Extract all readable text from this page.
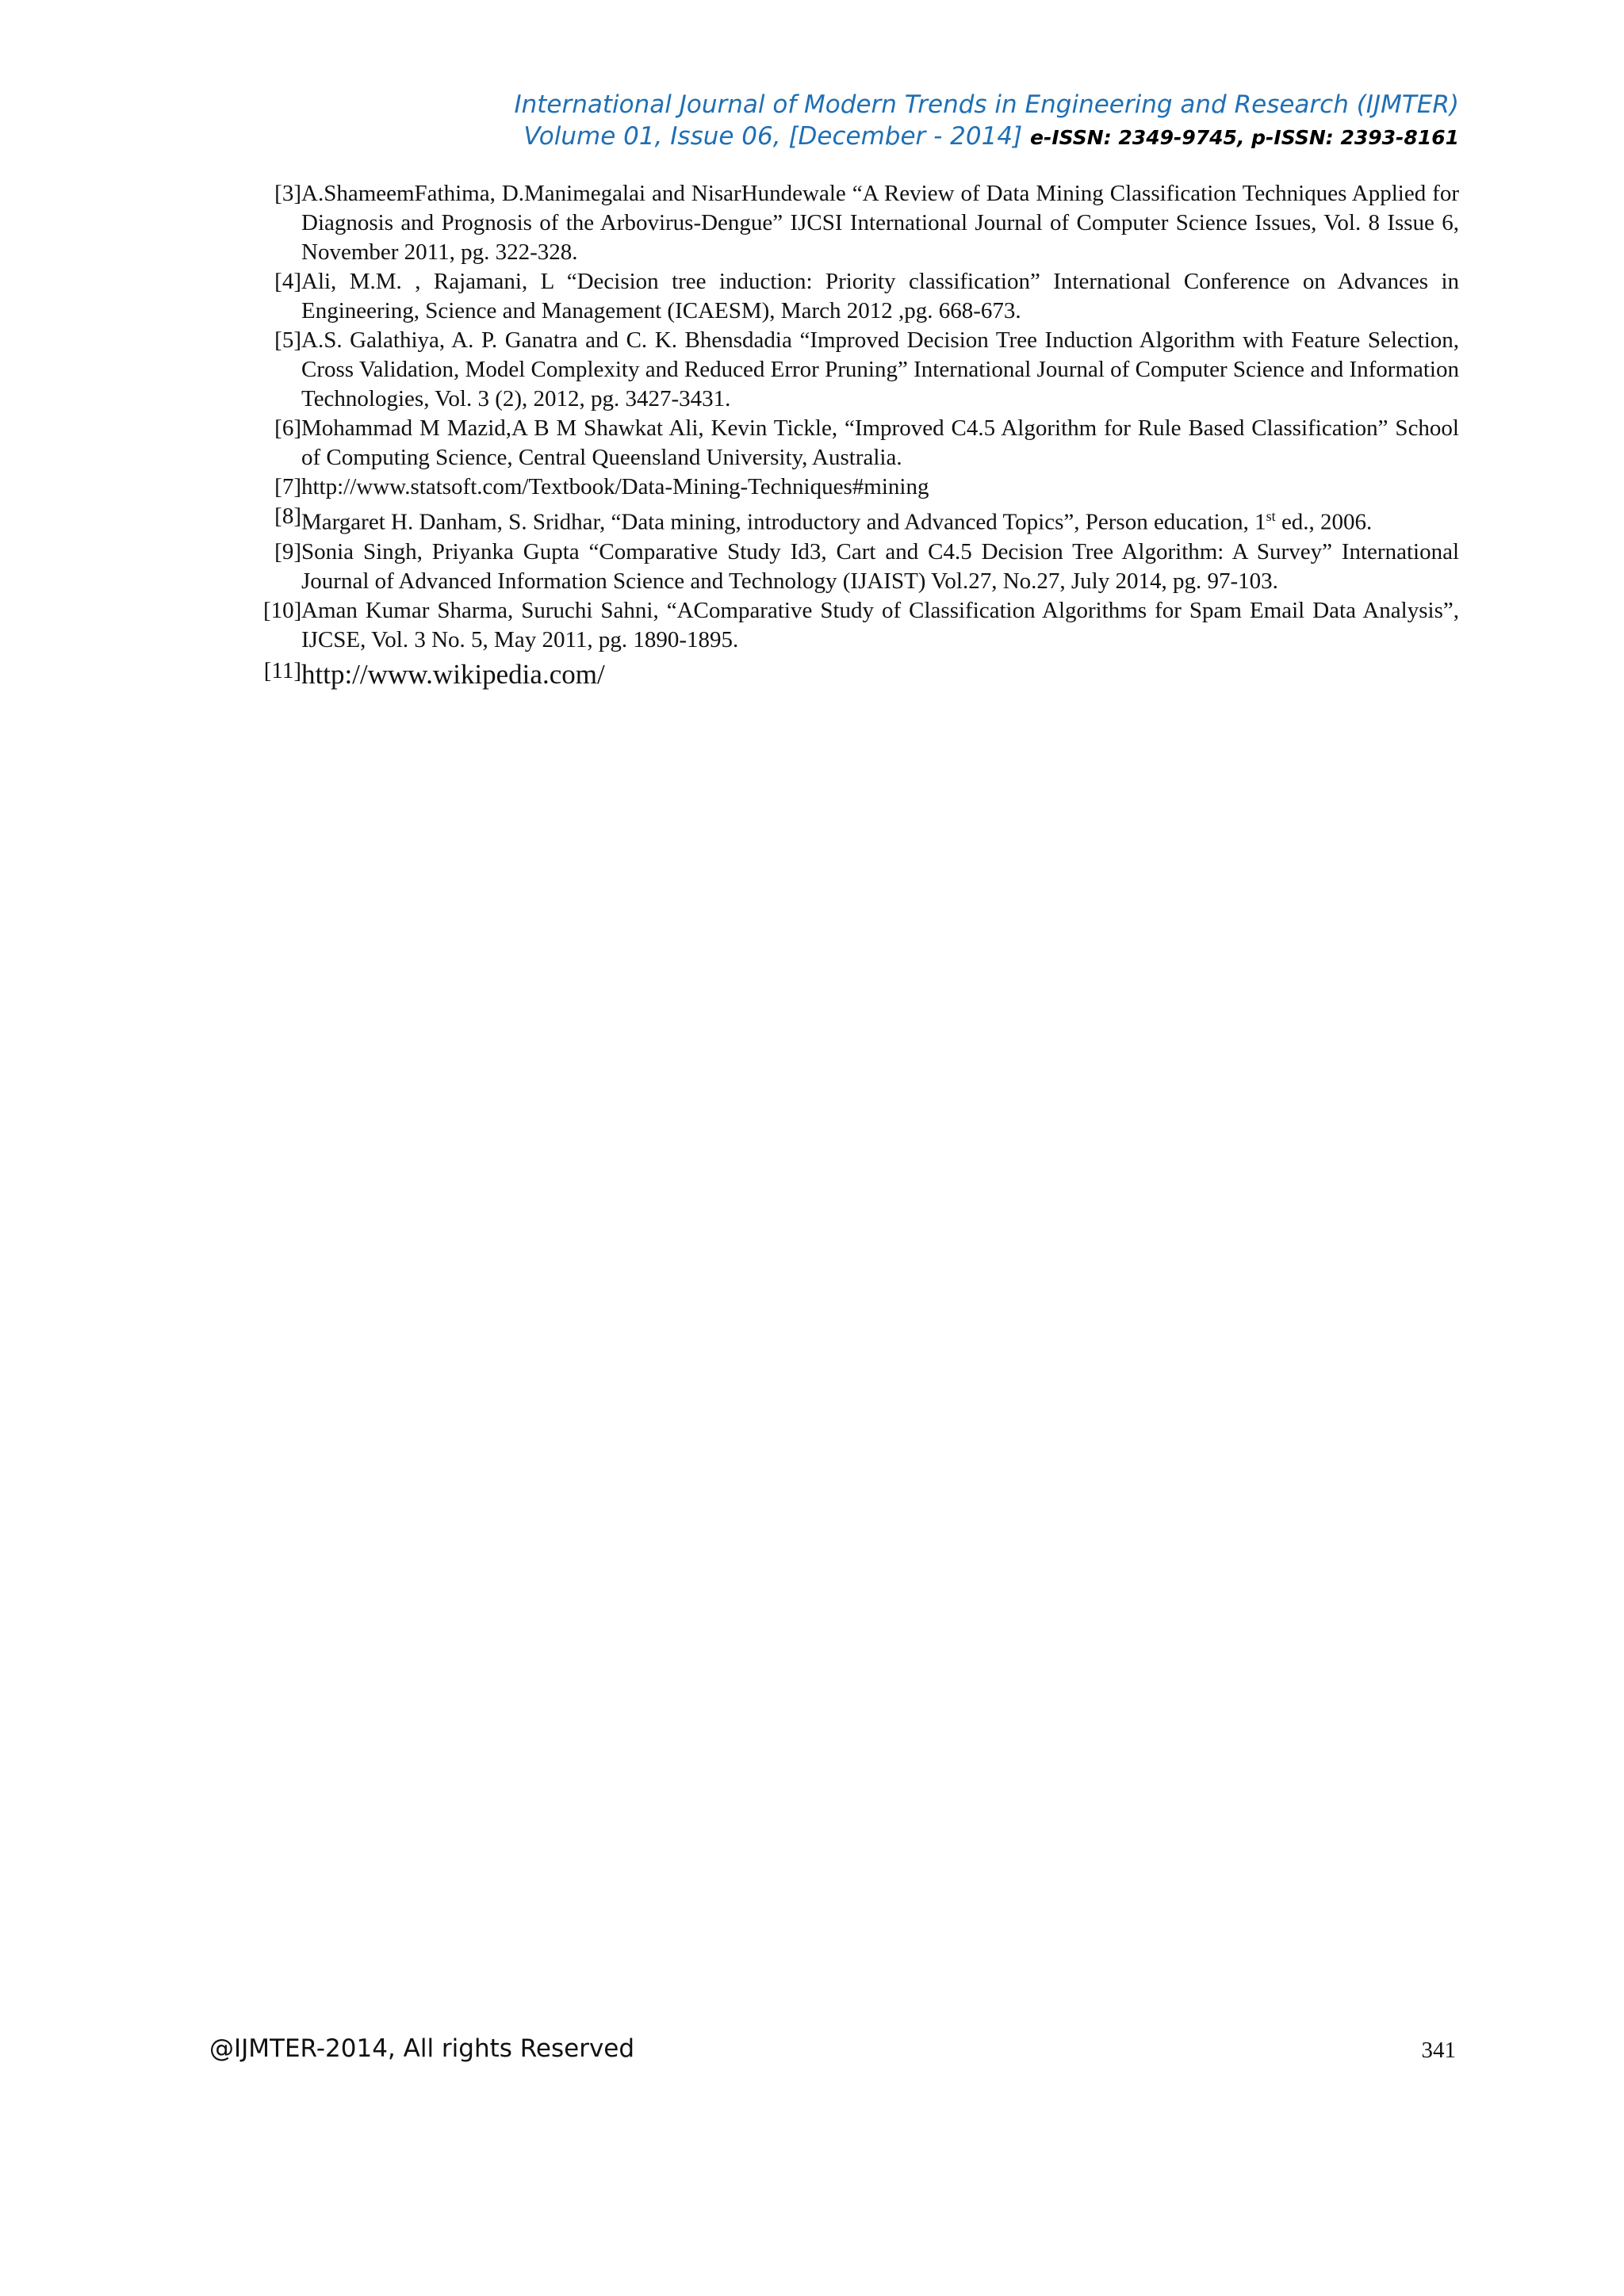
International Journal of Modern Trends in Engineering and Research (IJMTER)
Volume 01, Issue 06, [December - 2014] e-ISSN: 2349-9745, p-ISSN: 2393-8161
[3] A.ShameemFathima, D.Manimegalai and NisarHundewale “A Review of Data Mining Classification Techniques Applied for Diagnosis and Prognosis of the Arbovirus-Dengue” IJCSI International Journal of Computer Science Issues, Vol. 8 Issue 6, November 2011, pg. 322-328.
[4] Ali, M.M. , Rajamani, L “Decision tree induction: Priority classification” International Conference on Advances in Engineering, Science and Management (ICAESM), March 2012 ,pg. 668-673.
[5] A.S. Galathiya, A. P. Ganatra and C. K. Bhensdadia “Improved Decision Tree Induction Algorithm with Feature Selection, Cross Validation, Model Complexity and Reduced Error Pruning” International Journal of Computer Science and Information Technologies, Vol. 3 (2), 2012, pg. 3427-3431.
[6] Mohammad M Mazid,A B M Shawkat Ali, Kevin Tickle, “Improved C4.5 Algorithm for Rule Based Classification” School of Computing Science, Central Queensland University, Australia.
[7] http://www.statsoft.com/Textbook/Data-Mining-Techniques#mining
[8] Margaret H. Danham, S. Sridhar, “Data mining, introductory and Advanced Topics”, Person education, 1st ed., 2006.
[9] Sonia Singh, Priyanka Gupta “Comparative Study Id3, Cart and C4.5 Decision Tree Algorithm: A Survey” International Journal of Advanced Information Science and Technology (IJAIST) Vol.27, No.27, July 2014, pg. 97-103.
[10] Aman Kumar Sharma, Suruchi Sahni, “AComparative Study of Classification Algorithms for Spam Email Data Analysis”, IJCSE, Vol. 3 No. 5, May 2011, pg. 1890-1895.
[11] http://www.wikipedia.com/
@IJMTER-2014, All rights Reserved	341
